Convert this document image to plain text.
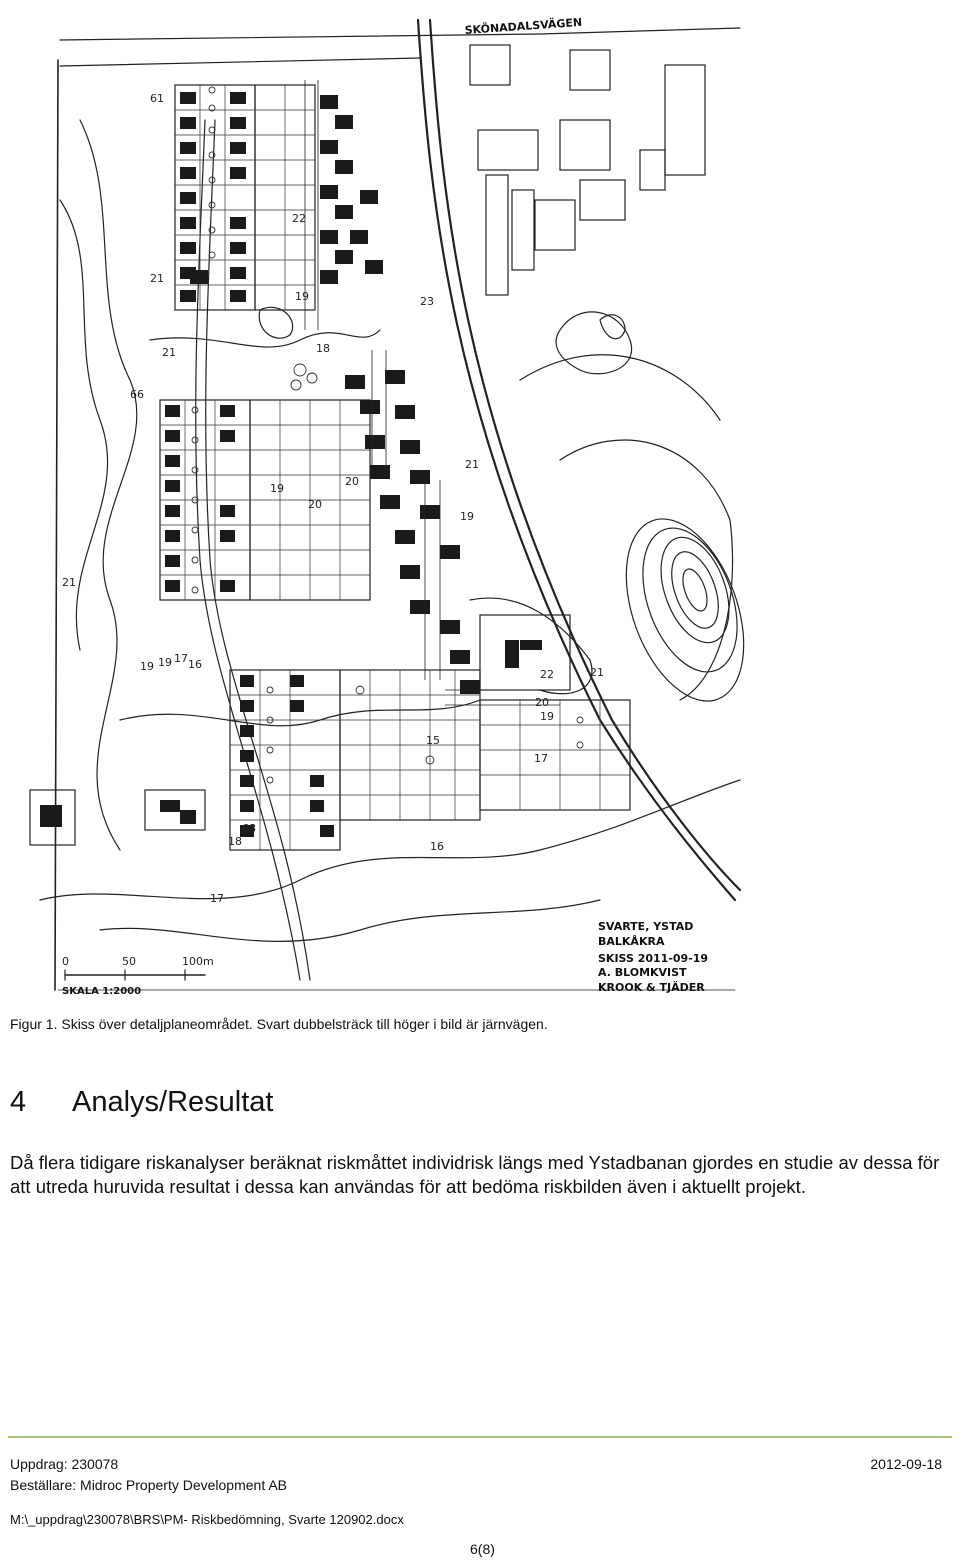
SKÖNADALSVÄGEN
61
22
21
19	23
18
21
66
20
19
20
21
19
21
19 19 17 16
21
22
20
19
15
17
16
68
18
17
0	50	100m
SKALA 1:2000
SVARTE, YSTAD
BALKÅKRA
SKISS 2011-09-19
A. BLOMKVIST
KROOK & TJÄDER
Figur 1. Skiss över detaljplaneområdet. Svart dubbelsträck till höger i bild är järnvägen.
4 Analys/Resultat
Då flera tidigare riskanalyser beräknat riskmåttet individrisk längs med Ystadbanan gjordes en studie av dessa för att utreda huruvida resultat i dessa kan användas för att bedöma riskbilden även i aktuellt projekt.
Uppdrag: 230078	2012-09-18
Beställare: Midroc Property Development AB
M:\_uppdrag\230078\BRS\PM- Riskbedömning, Svarte 120902.docx
6(8)
